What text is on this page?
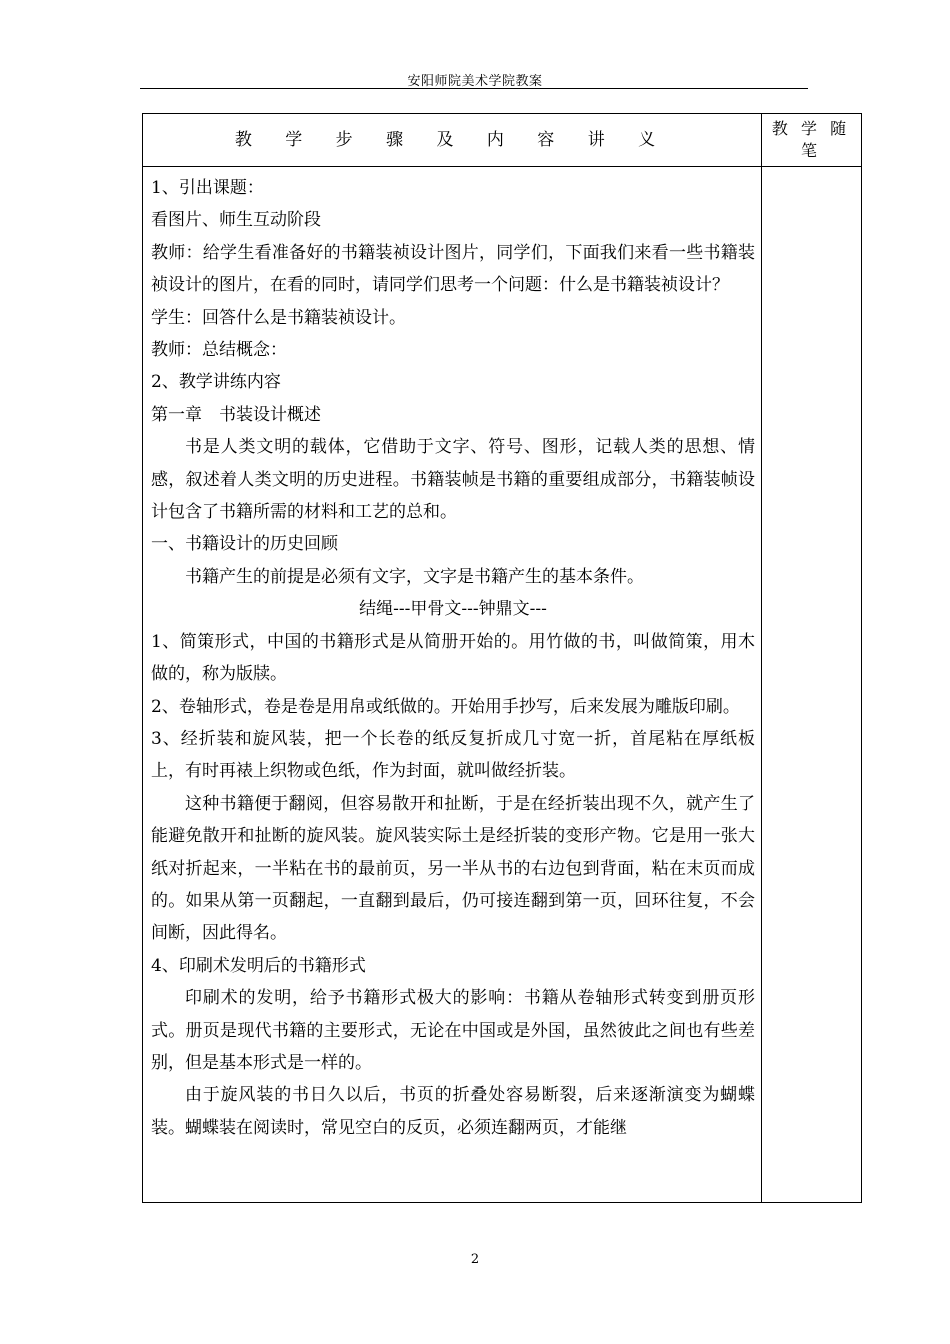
安阳师院美术学院教案
教 学 步 骤 及 内 容 讲 义
教 学 随
笔

1、引出课题：

看图片、师生互动阶段

教师：给学生看准备好的书籍装祯设计图片，同学们，下面我们来看一些书籍装祯设计的图片，在看的同时，请同学们思考一个问题：什么是书籍装祯设计？

学生：回答什么是书籍装祯设计。

教师：总结概念：

2、教学讲练内容

第一章　书装设计概述

书是人类文明的载体，它借助于文字、符号、图形，记载人类的思想、情感，叙述着人类文明的历史进程。书籍装帧是书籍的重要组成部分，书籍装帧设计包含了书籍所需的材料和工艺的总和。

一、书籍设计的历史回顾

书籍产生的前提是必须有文字，文字是书籍产生的基本条件。

结绳---甲骨文---钟鼎文---

1、简策形式，中国的书籍形式是从简册开始的。用竹做的书，叫做简策，用木做的，称为版牍。

2、卷轴形式，卷是卷是用帛或纸做的。开始用手抄写，后来发展为雕版印刷。

3、经折装和旋风装，把一个长卷的纸反复折成几寸宽一折，首尾粘在厚纸板上，有时再裱上织物或色纸，作为封面，就叫做经折装。

这种书籍便于翻阅，但容易散开和扯断，于是在经折装出现不久，就产生了能避免散开和扯断的旋风装。旋风装实际土是经折装的变形产物。它是用一张大纸对折起来，一半粘在书的最前页，另一半从书的右边包到背面，粘在末页而成的。如果从第一页翻起，一直翻到最后，仍可接连翻到第一页，回环往复，不会间断，因此得名。

4、印刷术发明后的书籍形式

印刷术的发明，给予书籍形式极大的影响：书籍从卷轴形式转变到册页形式。册页是现代书籍的主要形式，无论在中国或是外国，虽然彼此之间也有些差别，但是基本形式是一样的。

由于旋风装的书日久以后，书页的折叠处容易断裂，后来逐渐演变为蝴蝶装。蝴蝶装在阅读时，常见空白的反页，必须连翻两页，才能继

2
